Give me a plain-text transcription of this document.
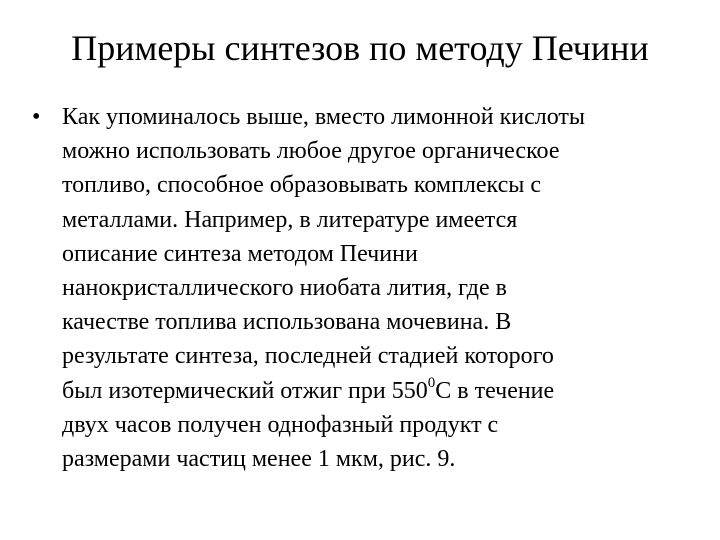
Примеры синтезов по методу Печини
• Как упоминалось выше, вместо лимонной кислоты
можно использовать любое другое органическое
топливо, способное образовывать комплексы с
металлами. Например, в литературе имеется
описание синтеза методом Печини
нанокристаллического ниобата лития, где в
качестве топлива использована мочевина. В
результате синтеза, последней стадией которого
был изотермический отжиг при $550^0С$ в течение
двух часов получен однофазный продукт с
размерами частиц менее 1 мкм, рис. 9.
